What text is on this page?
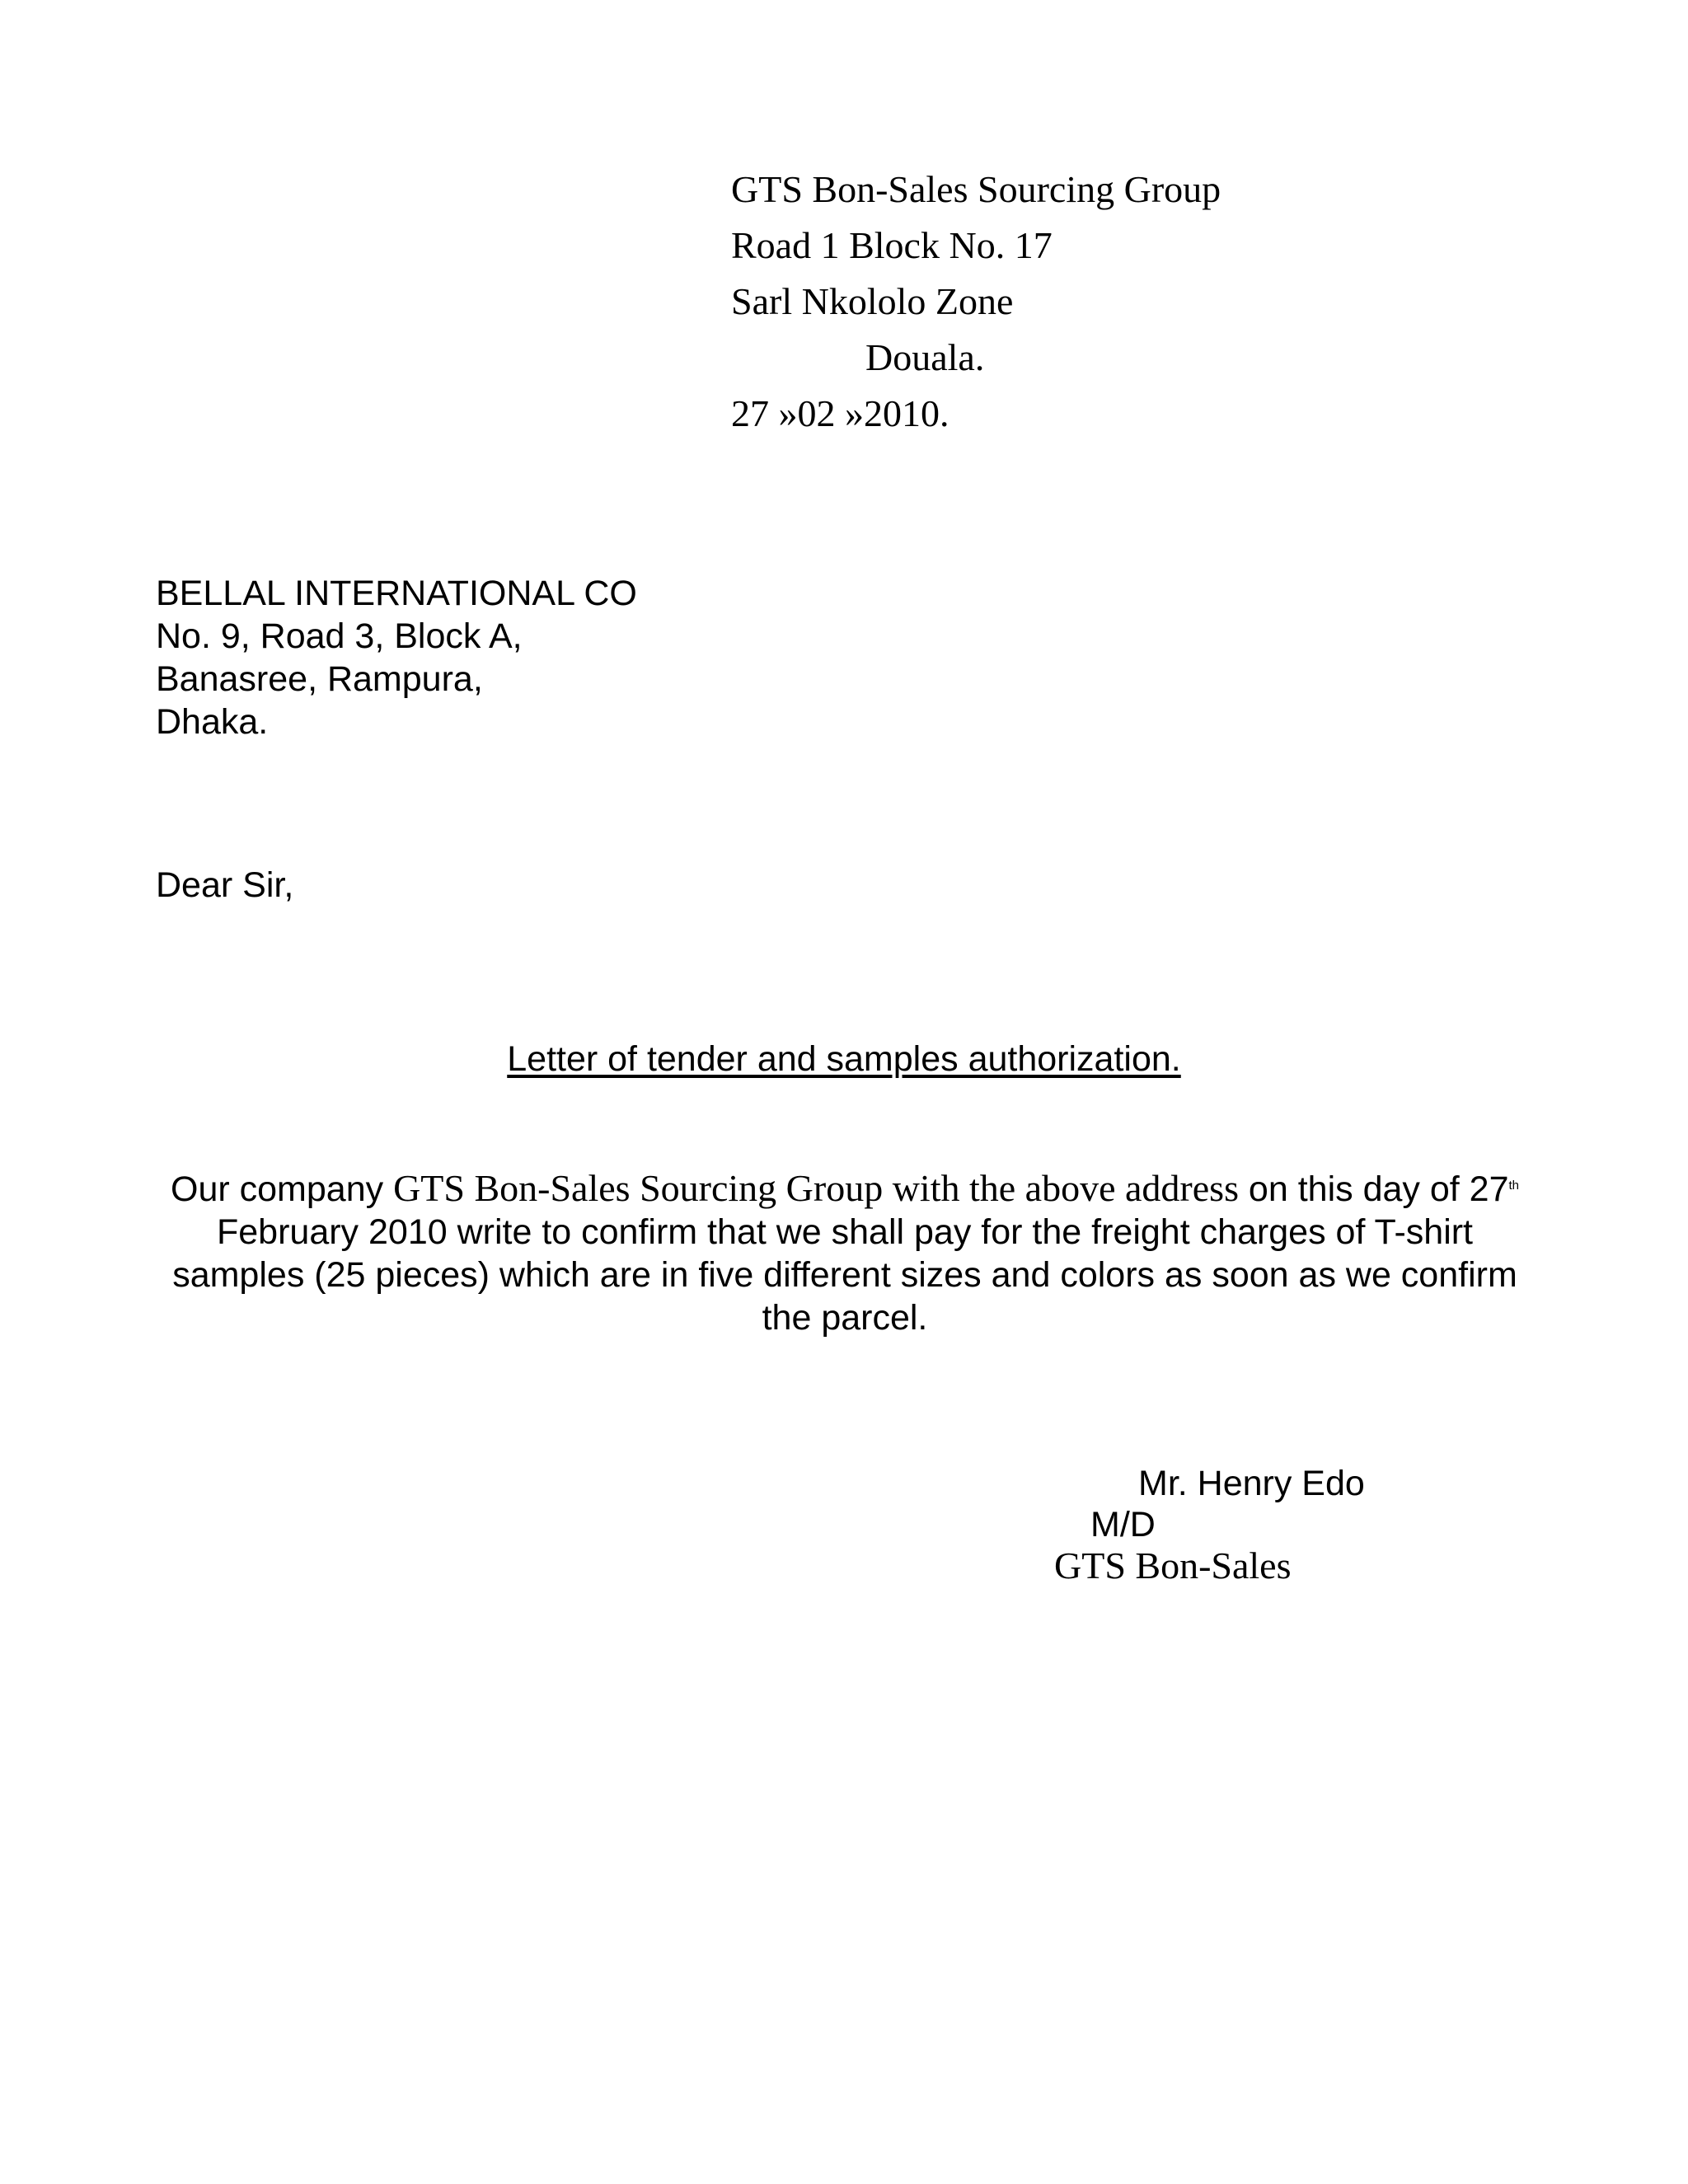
GTS Bon-Sales Sourcing Group

Road 1 Block No. 17

Sarl Nkololo Zone

Douala.

27 »02 »2010.

BELLAL INTERNATIONAL CO

No. 9, Road 3, Block A,

Banasree, Rampura,

Dhaka.

Dear Sir,

Letter of tender and samples authorization.

Our company GTS Bon-Sales Sourcing Group with the above address on this day of 27th February 2010 write to confirm that we shall pay for the freight charges of T-shirt samples (25 pieces) which are in five different sizes and colors as soon as we confirm the parcel.

Mr. Henry Edo

M/D

GTS Bon-Sales
